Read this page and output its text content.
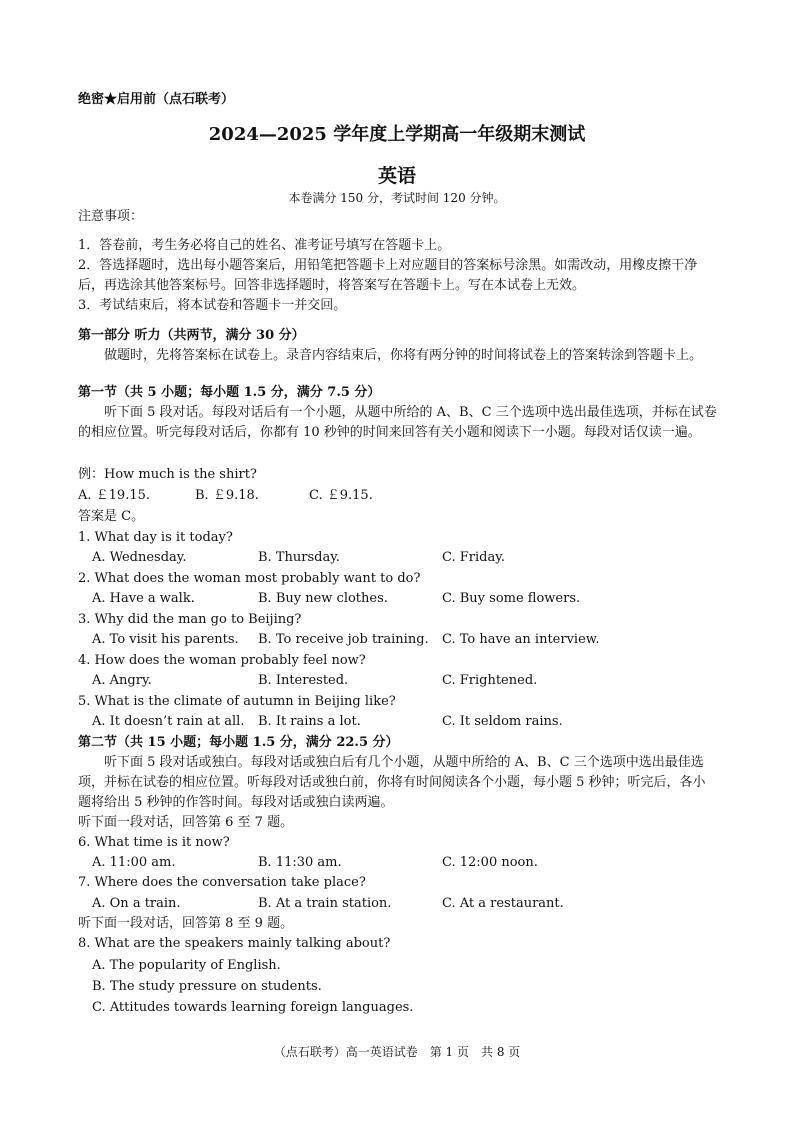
绝密★启用前（点石联考）
2024—2025 学年度上学期高一年级期末测试
英语
本卷满分 150 分，考试时间 120 分钟。
注意事项：
1．答卷前，考生务必将自己的姓名、准考证号填写在答题卡上。
2．答选择题时，选出每小题答案后，用铅笔把答题卡上对应题目的答案标号涂黑。如需改动，用橡皮擦干净后，再选涂其他答案标号。回答非选择题时，将答案写在答题卡上。写在本试卷上无效。
3．考试结束后，将本试卷和答题卡一并交回。
第一部分 听力（共两节，满分 30 分）
做题时，先将答案标在试卷上。录音内容结束后，你将有两分钟的时间将试卷上的答案转涂到答题卡上。
第一节（共 5 小题；每小题 1.5 分，满分 7.5 分）
听下面 5 段对话。每段对话后有一个小题，从题中所给的 A、B、C 三个选项中选出最佳选项，并标在试卷的相应位置。听完每段对话后，你都有 10 秒钟的时间来回答有关小题和阅读下一小题。每段对话仅读一遍。
例：How much is the shirt?
A. ￡19.15.	B. ￡9.18.	C. ￡9.15.
答案是 C。
1. What day is it today?
A. Wednesday.	B. Thursday.	C. Friday.
2. What does the woman most probably want to do?
A. Have a walk.	B. Buy new clothes.	C. Buy some flowers.
3. Why did the man go to Beijing?
A. To visit his parents. B. To receive job training. C. To have an interview.
4. How does the woman probably feel now?
A. Angry.	B. Interested.	C. Frightened.
5. What is the climate of autumn in Beijing like?
A. It doesn’t rain at all. B. It rains a lot.	C. It seldom rains.
第二节（共 15 小题；每小题 1.5 分，满分 22.5 分）
听下面 5 段对话或独白。每段对话或独白后有几个小题，从题中所给的 A、B、C 三个选项中选出最佳选项，并标在试卷的相应位置。听每段对话或独白前，你将有时间阅读各个小题，每小题 5 秒钟；听完后，各小题将给出 5 秒钟的作答时间。每段对话或独白读两遍。
听下面一段对话，回答第 6 至 7 题。
6. What time is it now?
A. 11:00 am.	B. 11:30 am.	C. 12:00 noon.
7. Where does the conversation take place?
A. On a train.	B. At a train station.	C. At a restaurant.
听下面一段对话，回答第 8 至 9 题。
8. What are the speakers mainly talking about?
A. The popularity of English.
B. The study pressure on students.
C. Attitudes towards learning foreign languages.
（点石联考）高一英语试卷　第 1 页　共 8 页
